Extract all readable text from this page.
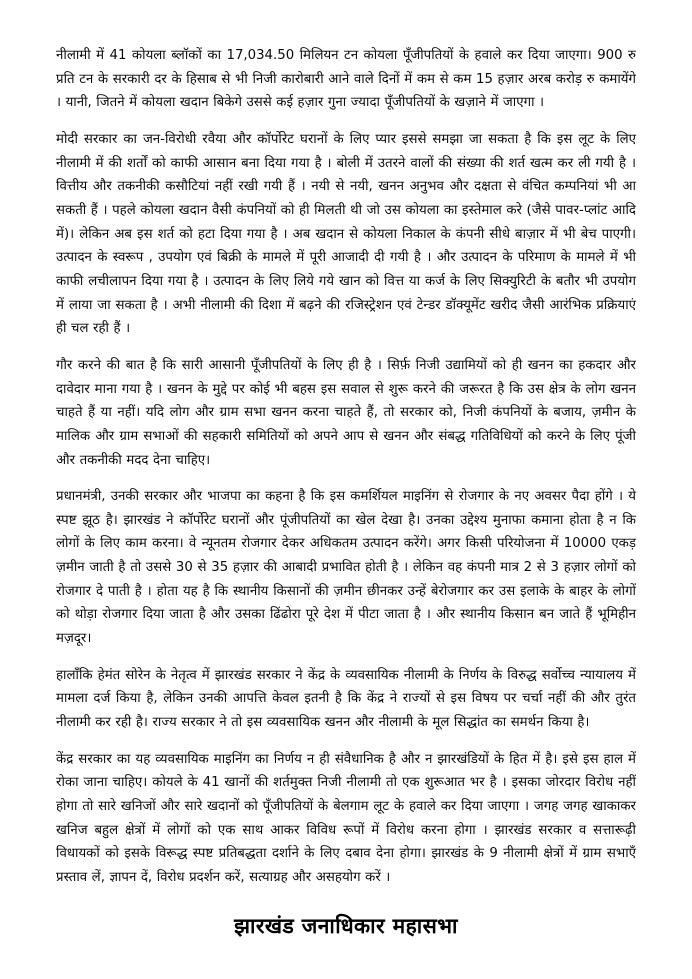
नीलामी में 41 कोयला ब्लॉकों का 17,034.50 मिलियन टन कोयला पूँजीपतियों के हवाले कर दिया जाएगा। 900 रु प्रति टन के सरकारी दर के हिसाब से भी निजी कारोबारी आने वाले दिनों में कम से कम 15 हज़ार अरब करोड़ रु कमायेंगे । यानी, जितने में कोयला खदान बिकेगे उससे कई हज़ार गुना ज्यादा पूँजीपतियों के खज़ाने में जाएगा ।

मोदी सरकार का जन-विरोधी रवैया और कॉर्पोरेट घरानों के लिए प्यार इससे समझा जा सकता है कि इस लूट के लिए नीलामी में की शर्तों को काफी आसान बना दिया गया है । बोली में उतरने वालों की संख्या की शर्त खत्म कर ली गयी है । वित्तीय और तकनीकी कसौटियां नहीं रखी गयी हैं । नयी से नयी, खनन अनुभव और दक्षता से वंचित कम्पनियां भी आ सकती हैं । पहले कोयला खदान वैसी कंपनियों को ही मिलती थी जो उस कोयला का इस्तेमाल करे (जैसे पावर-प्लांट आदि में)। लेकिन अब इस शर्त को हटा दिया गया है । अब खदान से कोयला निकाल के कंपनी सीधे बाज़ार में भी बेच पाएगी। उत्पादन के स्वरूप , उपयोग एवं बिक्री के मामले में पूरी आजादी दी गयी है । और उत्पादन के परिमाण के मामले में भी काफी लचीलापन दिया गया है । उत्पादन के लिए लिये गये खान को वित्त या कर्ज के लिए सिक्युरिटी के बतौर भी उपयोग में लाया जा सकता है । अभी नीलामी की दिशा में बढ़ने की रजिस्ट्रेशन एवं टेन्डर डॉक्यूमेंट खरीद जैसी आरंभिक प्रक्रियाएं ही चल रही हैं ।

गौर करने की बात है कि सारी आसानी पूँजीपतियों के लिए ही है । सिर्फ़ निजी उद्यामियों को ही खनन का हकदार और दावेदार माना गया है । खनन के मुद्दे पर कोई भी बहस इस सवाल से शुरू करने की जरूरत है कि उस क्षेत्र के लोग खनन चाहते हैं या नहीं। यदि लोग और ग्राम सभा खनन करना चाहते हैं, तो सरकार को, निजी कंपनियों के बजाय, ज़मीन के मालिक और ग्राम सभाओं की सहकारी समितियों को अपने आप से खनन और संबद्ध गतिविधियों को करने के लिए पूंजी और तकनीकी मदद देना चाहिए।

प्रधानमंत्री, उनकी सरकार और भाजपा का कहना है कि इस कमर्शियल माइनिंग से रोजगार के नए अवसर पैदा होंगे । ये स्पष्ट झूठ है। झारखंड ने कॉर्पोरेट घरानों और पूंजीपतियों का खेल देखा है। उनका उद्देश्य मुनाफा कमाना होता है न कि लोगों के लिए काम करना। वे न्यूनतम रोजगार देकर अधिकतम उत्पादन करेंगे। अगर किसी परियोजना में 10000 एकड़ ज़मीन जाती है तो उससे 30 से 35 हज़ार की आबादी प्रभावित होती है । लेकिन वह कंपनी मात्र 2 से 3 हज़ार लोगों को रोजगार दे पाती है । होता यह है कि स्थानीय किसानों की ज़मीन छीनकर उन्हें बेरोजगार कर उस इलाके के बाहर के लोगों को थोड़ा रोजगार दिया जाता है और उसका ढिंढोरा पूरे देश में पीटा जाता है । और स्थानीय किसान बन जाते हैं भूमिहीन मज़दूर।

हालाँकि हेमंत सोरेन के नेतृत्व में झारखंड सरकार ने केंद्र के व्यवसायिक नीलामी के निर्णय के विरुद्ध सर्वोच्च न्यायालय में मामला दर्ज किया है, लेकिन उनकी आपत्ति केवल इतनी है कि केंद्र ने राज्यों से इस विषय पर चर्चा नहीं की और तुरंत नीलामी कर रही है। राज्य सरकार ने तो इस व्यवसायिक खनन और नीलामी के मूल सिद्धांत का समर्थन किया है।

केंद्र सरकार का यह व्यवसायिक माइनिंग का निर्णय न ही संवैधानिक है और न झारखंडियों के हित में है। इसे इस हाल में रोका जाना चाहिए। कोयले के 41 खानों की शर्तमुक्त निजी नीलामी तो एक शुरूआत भर है । इसका जोरदार विरोध नहीं होगा तो सारे खनिजों और सारे खदानों को पूँजीपतियों के बेलगाम लूट के हवाले कर दिया जाएगा । जगह जगह खाकाकर खनिज बहुल क्षेत्रों में लोगों को एक साथ आकर विविध रूपों में विरोध करना होगा । झारखंड सरकार व सत्तारूढ़ी विधायकों को इसके विरूद्ध स्पष्ट प्रतिबद्धता दर्शाने के लिए दबाव देना होगा। झारखंड के 9 नीलामी क्षेत्रों में ग्राम सभाएँ प्रस्ताव लें, ज्ञापन दें, विरोध प्रदर्शन करें, सत्याग्रह और असहयोग करें ।

झारखंड जनाधिकार महासभा
